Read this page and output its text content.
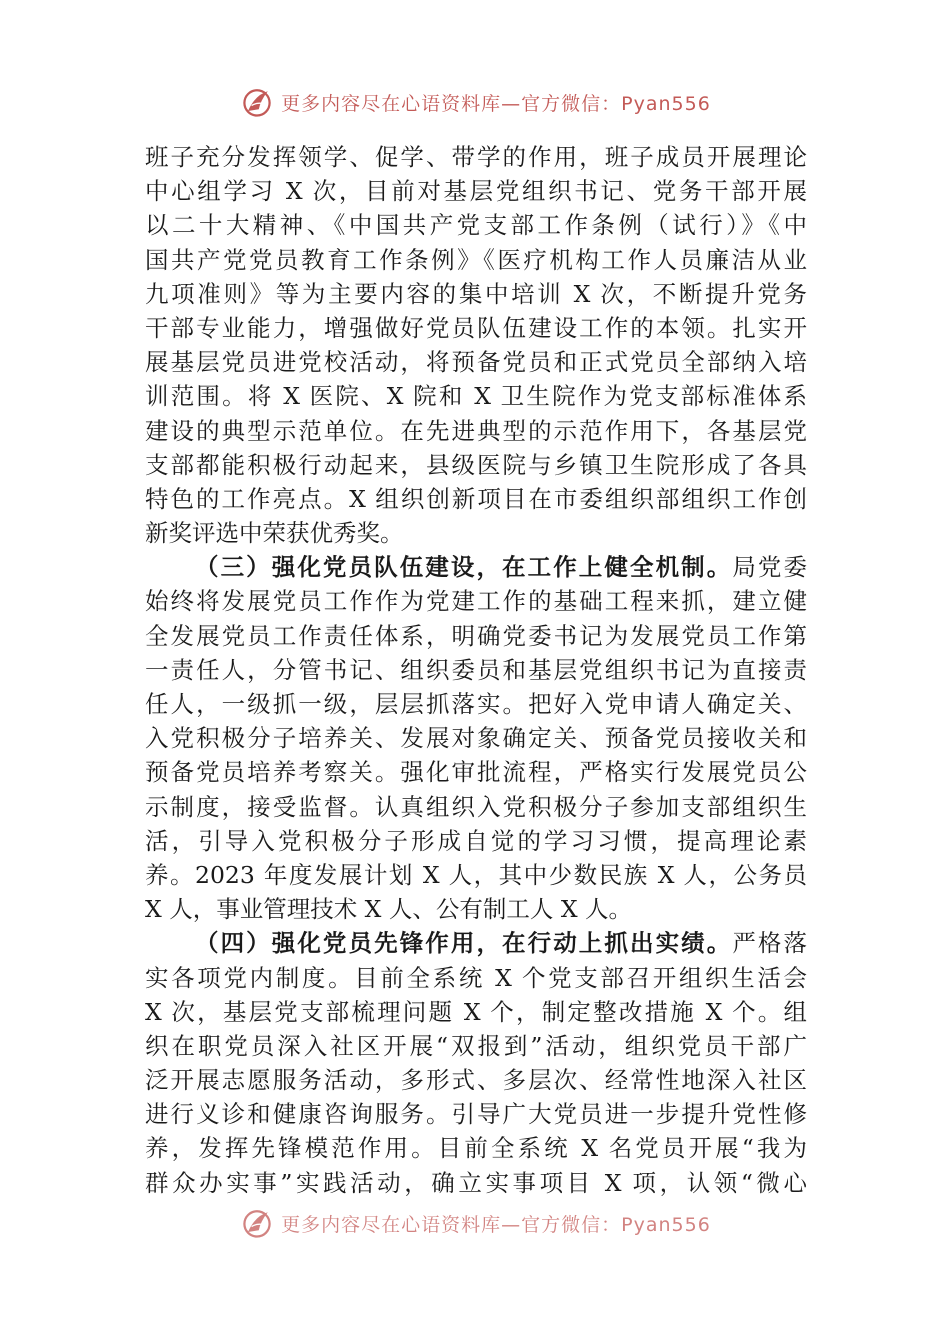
更多内容尽在心语资料库—官方微信：Pyan556
班子充分发挥领学、促学、带学的作用，班子成员开展理论
中心组学习 X 次，目前对基层党组织书记、党务干部开展
以二十大精神、《中国共产党支部工作条例（试行）》《中
国共产党党员教育工作条例》《医疗机构工作人员廉洁从业
九项准则》等为主要内容的集中培训 X 次，不断提升党务
干部专业能力，增强做好党员队伍建设工作的本领。扎实开
展基层党员进党校活动，将预备党员和正式党员全部纳入培
训范围。将 X 医院、X 院和 X 卫生院作为党支部标准体系
建设的典型示范单位。在先进典型的示范作用下，各基层党
支部都能积极行动起来，县级医院与乡镇卫生院形成了各具
特色的工作亮点。X 组织创新项目在市委组织部组织工作创
新奖评选中荣获优秀奖。
（三）强化党员队伍建设，在工作上健全机制。局党委
始终将发展党员工作作为党建工作的基础工程来抓，建立健
全发展党员工作责任体系，明确党委书记为发展党员工作第
一责任人，分管书记、组织委员和基层党组织书记为直接责
任人，一级抓一级，层层抓落实。把好入党申请人确定关、
入党积极分子培养关、发展对象确定关、预备党员接收关和
预备党员培养考察关。强化审批流程，严格实行发展党员公
示制度，接受监督。认真组织入党积极分子参加支部组织生
活，引导入党积极分子形成自觉的学习习惯，提高理论素
养。2023 年度发展计划 X 人，其中少数民族 X 人，公务员
X 人，事业管理技术 X 人、公有制工人 X 人。
（四）强化党员先锋作用，在行动上抓出实绩。严格落
实各项党内制度。目前全系统 X 个党支部召开组织生活会
X 次，基层党支部梳理问题 X 个，制定整改措施 X 个。组
织在职党员深入社区开展“双报到”活动，组织党员干部广
泛开展志愿服务活动，多形式、多层次、经常性地深入社区
进行义诊和健康咨询服务。引导广大党员进一步提升党性修
养，发挥先锋模范作用。目前全系统 X 名党员开展“我为
群众办实事”实践活动，确立实事项目 X 项，认领“微心
更多内容尽在心语资料库—官方微信：Pyan556
